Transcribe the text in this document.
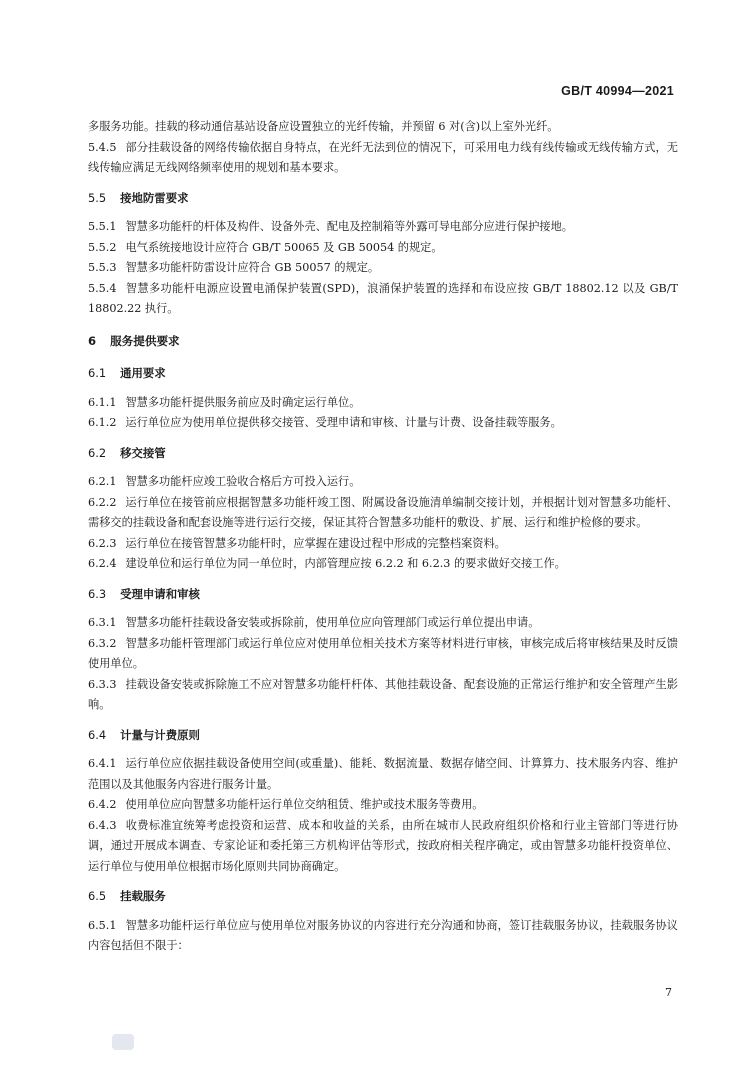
GB/T 40994—2021
多服务功能。挂载的移动通信基站设备应设置独立的光纤传输，并预留 6 对(含)以上室外光纤。
5.4.5 部分挂载设备的网络传输依据自身特点，在光纤无法到位的情况下，可采用电力线有线传输或无线传输方式，无线传输应满足无线网络频率使用的规划和基本要求。
5.5 接地防雷要求
5.5.1 智慧多功能杆的杆体及构件、设备外壳、配电及控制箱等外露可导电部分应进行保护接地。
5.5.2 电气系统接地设计应符合 GB/T 50065 及 GB 50054 的规定。
5.5.3 智慧多功能杆防雷设计应符合 GB 50057 的规定。
5.5.4 智慧多功能杆电源应设置电涌保护装置(SPD)，浪涌保护装置的选择和布设应按 GB/T 18802.12 以及 GB/T 18802.22 执行。
6 服务提供要求
6.1 通用要求
6.1.1 智慧多功能杆提供服务前应及时确定运行单位。
6.1.2 运行单位应为使用单位提供移交接管、受理申请和审核、计量与计费、设备挂载等服务。
6.2 移交接管
6.2.1 智慧多功能杆应竣工验收合格后方可投入运行。
6.2.2 运行单位在接管前应根据智慧多功能杆竣工图、附属设备设施清单编制交接计划，并根据计划对智慧多功能杆、需移交的挂载设备和配套设施等进行运行交接，保证其符合智慧多功能杆的敷设、扩展、运行和维护检修的要求。
6.2.3 运行单位在接管智慧多功能杆时，应掌握在建设过程中形成的完整档案资料。
6.2.4 建设单位和运行单位为同一单位时，内部管理应按 6.2.2 和 6.2.3 的要求做好交接工作。
6.3 受理申请和审核
6.3.1 智慧多功能杆挂载设备安装或拆除前，使用单位应向管理部门或运行单位提出申请。
6.3.2 智慧多功能杆管理部门或运行单位应对使用单位相关技术方案等材料进行审核，审核完成后将审核结果及时反馈使用单位。
6.3.3 挂载设备安装或拆除施工不应对智慧多功能杆杆体、其他挂载设备、配套设施的正常运行维护和安全管理产生影响。
6.4 计量与计费原则
6.4.1 运行单位应依据挂载设备使用空间(或重量)、能耗、数据流量、数据存储空间、计算算力、技术服务内容、维护范围以及其他服务内容进行服务计量。
6.4.2 使用单位应向智慧多功能杆运行单位交纳租赁、维护或技术服务等费用。
6.4.3 收费标准宜统筹考虑投资和运营、成本和收益的关系，由所在城市人民政府组织价格和行业主管部门等进行协调，通过开展成本调查、专家论证和委托第三方机构评估等形式，按政府相关程序确定，或由智慧多功能杆投资单位、运行单位与使用单位根据市场化原则共同协商确定。
6.5 挂载服务
6.5.1 智慧多功能杆运行单位应与使用单位对服务协议的内容进行充分沟通和协商，签订挂载服务协议，挂载服务协议内容包括但不限于：
7
